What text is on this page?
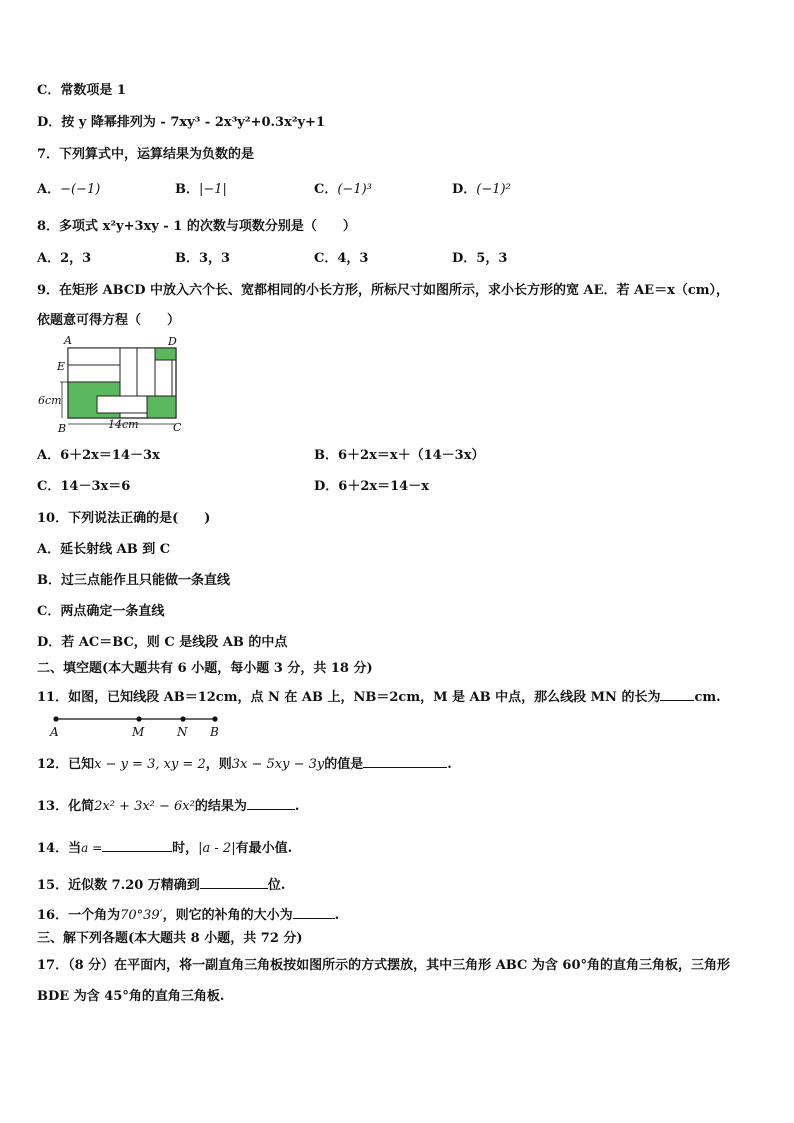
C．常数项是 1
D．按 y 降幂排列为 - 7xy³ - 2x³y²+0.3x²y+1
7．下列算式中，运算结果为负数的是
A．−(−1)	B．|−1|	C．(−1)³	D．(−1)²
8．多项式 x²y+3xy - 1 的次数与项数分别是（　　）
A．2，3	B．3，3	C．4，3	D．5，3
9．在矩形 ABCD 中放入六个长、宽都相同的小长方形，所标尺寸如图所示，求小长方形的宽 AE．若 AE＝x（cm），
依题意可得方程（　　）
6cm
14cm
A	D
E
B	C
A．6＋2x＝14－3x	B．6＋2x＝x＋（14－3x）
C．14－3x＝6	D．6＋2x＝14－x
10．下列说法正确的是(　　)
A．延长射线 AB 到 C
B．过三点能作且只能做一条直线
C．两点确定一条直线
D．若 AC＝BC，则 C 是线段 AB 的中点
二、填空题(本大题共有 6 小题，每小题 3 分，共 18 分)
11．如图，已知线段 AB＝12cm，点 N 在 AB 上，NB＝2cm，M 是 AB 中点，那么线段 MN 的长为	cm.
A	M	N B
12．已知x − y = 3, xy = 2，则3x − 5xy − 3y的值是	.
13．化简2x² + 3x² − 6x²的结果为	.
14．当a =	时，|a - 2|有最小值.
15．近似数 7.20 万精确到	位.
16．一个角为70°39′，则它的补角的大小为	.
三、解下列各题(本大题共 8 小题，共 72 分)
17．（8 分）在平面内，将一副直角三角板按如图所示的方式摆放，其中三角形 ABC 为含 60°角的直角三角板，三角形
BDE 为含 45°角的直角三角板.
